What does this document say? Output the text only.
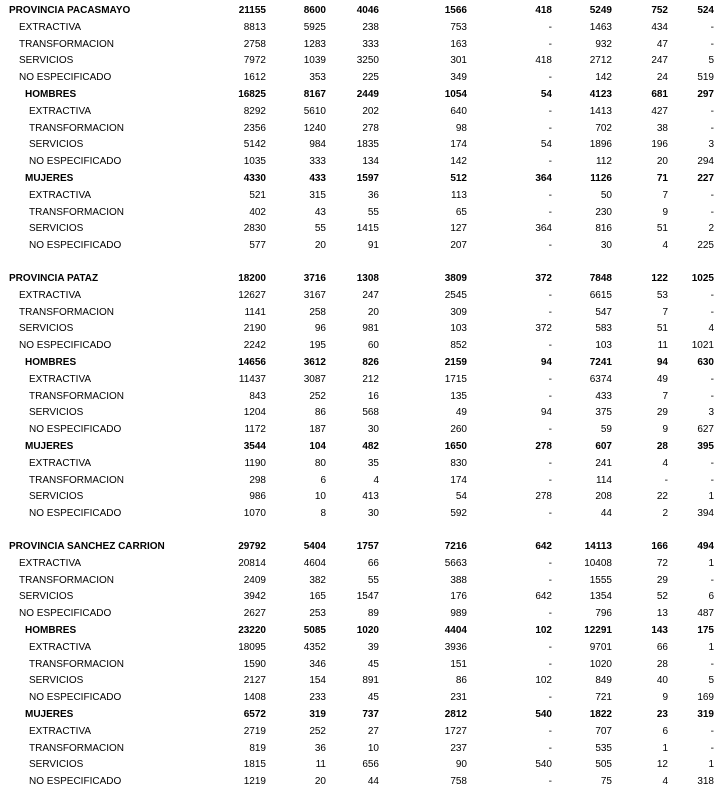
PROVINCIA PACASMAYO	21155	8600	4046	1566	418	5249	752	524
EXTRACTIVA	8813	5925	238	753	-	1463	434	-
TRANSFORMACION	2758	1283	333	163	-	932	47	-
SERVICIOS	7972	1039	3250	301	418	2712	247	5
NO ESPECIFICADO	1612	353	225	349	-	142	24	519
HOMBRES	16825	8167	2449	1054	54	4123	681	297
EXTRACTIVA	8292	5610	202	640	-	1413	427	-
TRANSFORMACION	2356	1240	278	98	-	702	38	-
SERVICIOS	5142	984	1835	174	54	1896	196	3
NO ESPECIFICADO	1035	333	134	142	-	112	20	294
MUJERES	4330	433	1597	512	364	1126	71	227
EXTRACTIVA	521	315	36	113	-	50	7	-
TRANSFORMACION	402	43	55	65	-	230	9	-
SERVICIOS	2830	55	1415	127	364	816	51	2
NO ESPECIFICADO	577	20	91	207	-	30	4	225
PROVINCIA PATAZ	18200	3716	1308	3809	372	7848	122 1025
EXTRACTIVA	12627	3167	247	2545	-	6615	53	-
TRANSFORMACION	1141	258	20	309	-	547	7	-
SERVICIOS	2190	96	981	103	372	583	51	4
NO ESPECIFICADO	2242	195	60	852	-	103	11 1021
HOMBRES	14656	3612	826	2159	94	7241	94	630
EXTRACTIVA	11437	3087	212	1715	-	6374	49	-
TRANSFORMACION	843	252	16	135	-	433	7	-
SERVICIOS	1204	86	568	49	94	375	29	3
NO ESPECIFICADO	1172	187	30	260	-	59	9	627
MUJERES	3544	104	482	1650	278	607	28	395
EXTRACTIVA	1190	80	35	830	-	241	4	-
TRANSFORMACION	298	6	4	174	-	114	-	-
SERVICIOS	986	10	413	54	278	208	22	1
NO ESPECIFICADO	1070	8	30	592	-	44	2	394
PROVINCIA SANCHEZ CARRION	29792	5404	1757	7216	642	14113	166	494
EXTRACTIVA	20814	4604	66	5663	-	10408	72	1
TRANSFORMACION	2409	382	55	388	-	1555	29	-
SERVICIOS	3942	165	1547	176	642	1354	52	6
NO ESPECIFICADO	2627	253	89	989	-	796	13	487
HOMBRES	23220	5085	1020	4404	102	12291	143	175
EXTRACTIVA	18095	4352	39	3936	-	9701	66	1
TRANSFORMACION	1590	346	45	151	-	1020	28	-
SERVICIOS	2127	154	891	86	102	849	40	5
NO ESPECIFICADO	1408	233	45	231	-	721	9	169
MUJERES	6572	319	737	2812	540	1822	23	319
EXTRACTIVA	2719	252	27	1727	-	707	6	-
TRANSFORMACION	819	36	10	237	-	535	1	-
SERVICIOS	1815	11	656	90	540	505	12	1
NO ESPECIFICADO	1219	20	44	758	-	75	4	318
